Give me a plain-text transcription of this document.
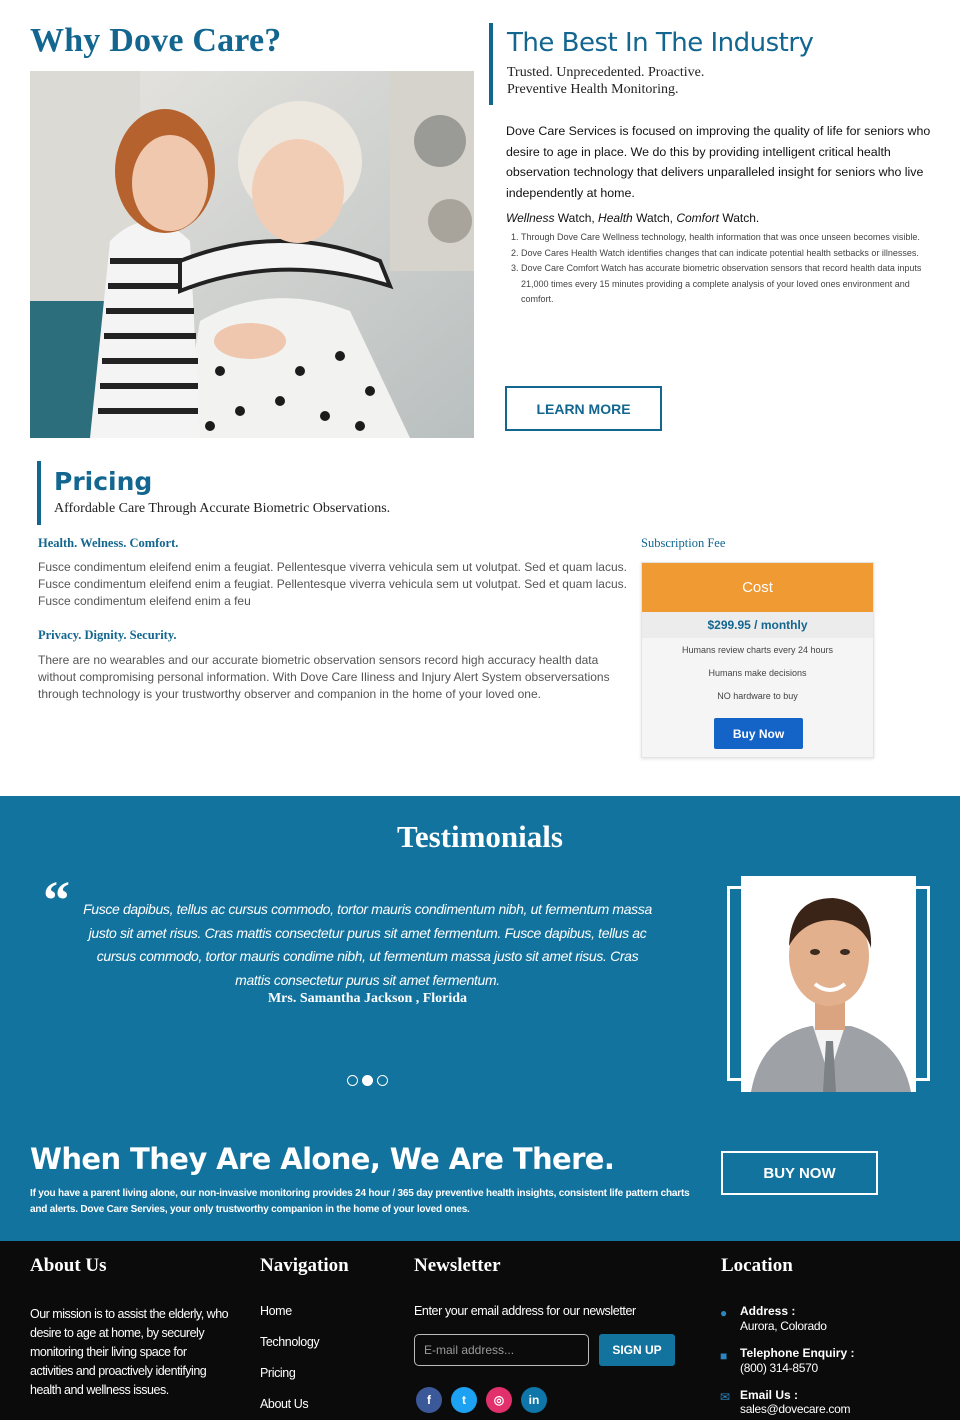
Why Dove Care?	The Best In The Industry
Trusted. Unprecedented. Proactive.
Preventive Health Monitoring.

Dove Care Services is focused on improving the quality of life for seniors who desire to age in place. We do this by providing intelligent critical health observation technology that delivers unparalleled insight for seniors who live independently at home.

Wellness Watch, Health Watch, Comfort Watch.
1. Through Dove Care Wellness technology, health information that was once unseen becomes visible.
2. Dove Cares Health Watch identifies changes that can indicate potential health setbacks or illnesses.
3. Dove Care Comfort Watch has accurate biometric observation sensors that record health data inputs 21,000 times every 15 minutes providing a complete analysis of your loved ones environment and comfort.
LEARN MORE
Pricing
Affordable Care Through Accurate Biometric Observations.
Health. Welness. Comfort.

Fusce condimentum eleifend enim a feugiat. Pellentesque viverra vehicula sem ut volutpat. Sed et quam lacus. Fusce condimentum eleifend enim a feugiat. Pellentesque viverra vehicula sem ut volutpat. Sed et quam lacus. Fusce condimentum eleifend enim a feu

Privacy. Dignity. Security.

There are no wearables and our accurate biometric observation sensors record high accuracy health data without compromising personal information. With Dove Care Iliness and Injury Alert System observersations through technology is your trustworthy observer and companion in the home of your loved one.

Subscription Fee
Cost
$299.95 / monthly
Humans review charts every 24 hours
Humans make decisions
NO hardware to buy
Buy Now
Testimonials
“ Fusce dapibus, tellus ac cursus commodo, tortor mauris condimentum nibh, ut fermentum massa justo sit amet risus. Cras mattis consectetur purus sit amet fermentum. Fusce dapibus, tellus ac cursus commodo, tortor mauris condime nibh, ut fermentum massa justo sit amet risus. Cras mattis consectetur purus sit amet fermentum.

Mrs. Samantha Jackson , Florida
When They Are Alone, We Are There.

If you have a parent living alone, our non-invasive monitoring provides 24 hour / 365 day preventive health insights, consistent life pattern charts and alerts. Dove Care Servies, your only trustworthy companion in the home of your loved ones.

BUY NOW
About Us

Our mission is to assist the elderly, who desire to age at home, by securely monitoring their living space for activities and proactively identifying health and wellness issues.

Navigation
Home
Technology
Pricing
About Us
Newsletter
Enter your email address for our newsletter
E-mail address...
SIGN UP
f	t	◎	in
Location
● Address :
Aurora, Colorado
■ Telephone Enquiry :
(800) 314-8570
✉ Email Us :
sales@dovecare.com
